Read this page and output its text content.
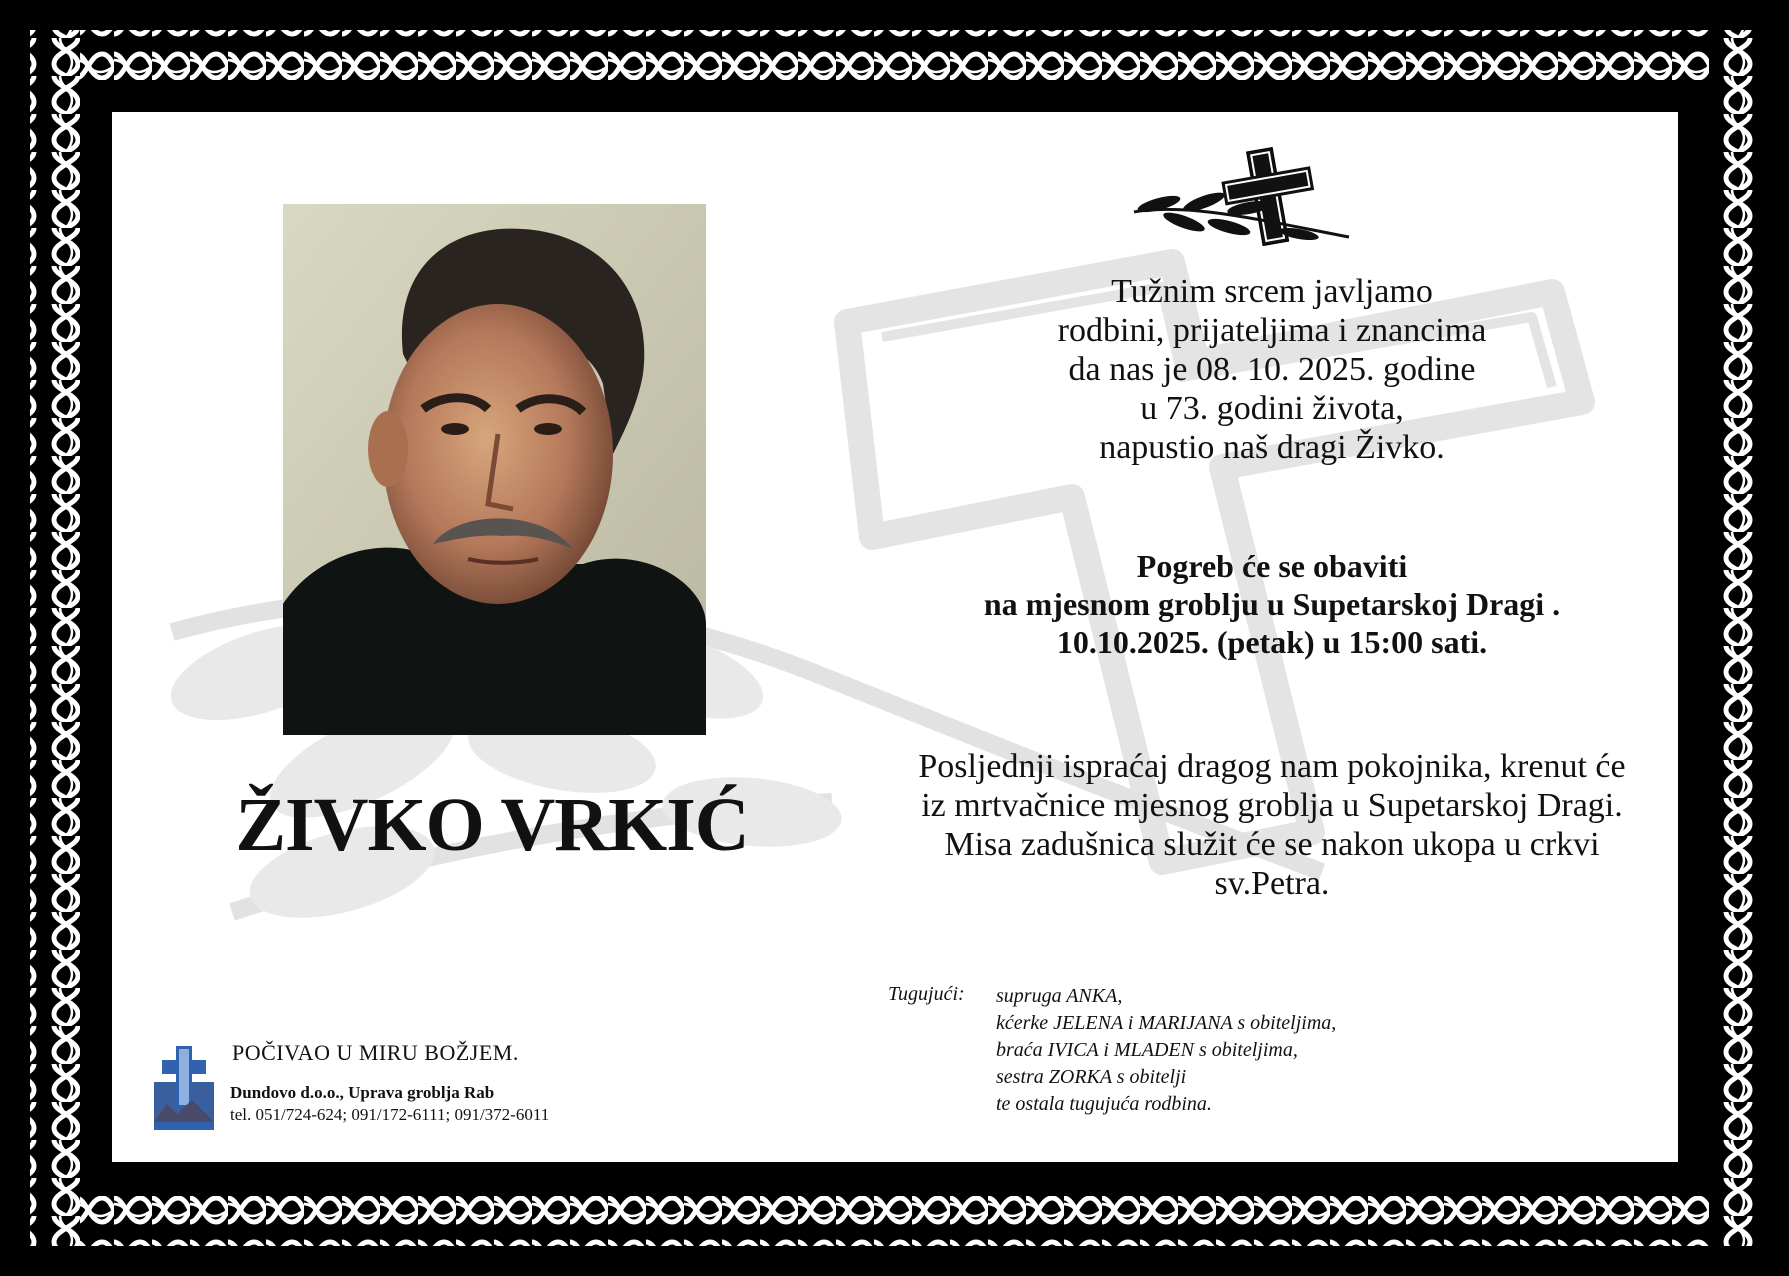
ŽIVKO VRKIĆ
Tužnim srcem javljamo
rodbini, prijateljima i znancima
da nas je 08. 10. 2025. godine
u 73. godini života,
napustio naš dragi Živko.
Pogreb će se obaviti
na mjesnom groblju u Supetarskoj Dragi .
10.10.2025. (petak) u 15:00 sati.
Posljednji ispraćaj dragog nam pokojnika, krenut će
iz mrtvačnice mjesnog groblja u Supetarskoj Dragi.
Misa zadušnica služit će se nakon ukopa u crkvi
sv.Petra.
Tugujući: supruga ANKA,
kćerke JELENA i MARIJANA s obiteljima,
braća IVICA i MLADEN s obiteljima,
sestra ZORKA s obitelji
te ostala tugujuća rodbina.
POČIVAO U MIRU BOŽJEM.
Dundovo d.o.o., Uprava groblja Rab
tel. 051/724-624; 091/172-6111; 091/372-6011
